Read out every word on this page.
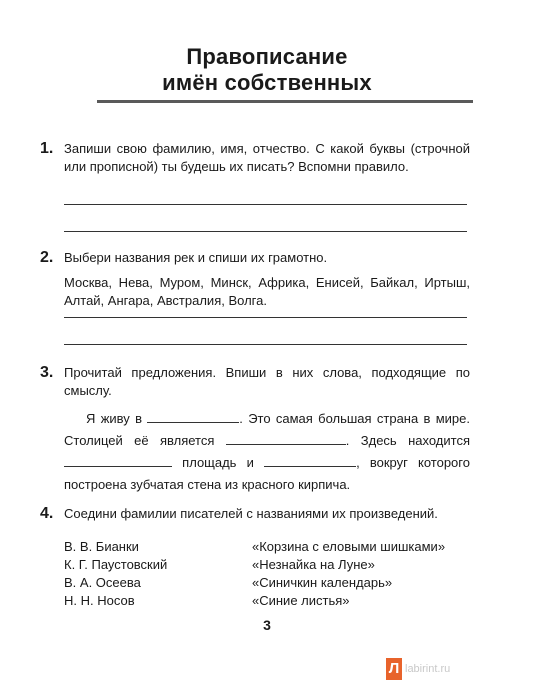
Правописание
имён собственных
1. Запиши свою фамилию, имя, отчество. С какой буквы (строчной или прописной) ты будешь их писать? Вспомни правило.
2. Выбери названия рек и спиши их грамотно.
Москва, Нева, Муром, Минск, Африка, Енисей, Байкал, Иртыш, Алтай, Ангара, Австралия, Волга.
3. Прочитай предложения. Впиши в них слова, подходящие по смыслу.
Я живу в	. Это самая большая страна в мире. Столицей её является	. Здесь находится  площадь и	, вокруг которого построена зубчатая стена из красного кирпича.
4. Соедини фамилии писателей с названиями их произведений.
В. В. Бианки	«Корзина с еловыми шишками»
К. Г. Паустовский	«Незнайка на Луне»
В. А. Осеева	«Синичкин календарь»
Н. Н. Носов	«Синие листья»
3
Л labirint.ru
